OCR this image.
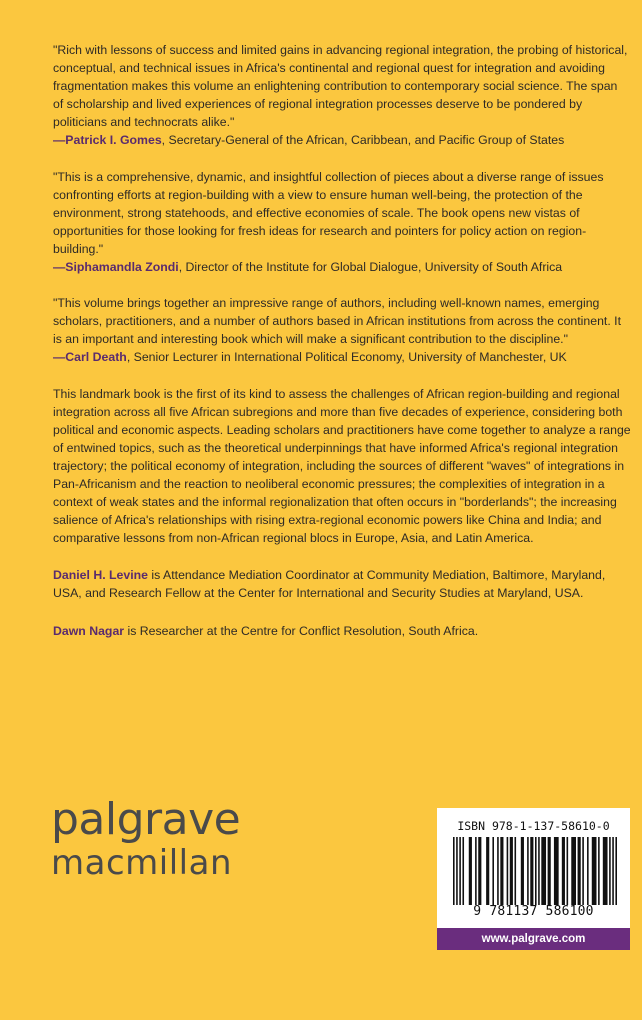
"Rich with lessons of success and limited gains in advancing regional integration, the probing of historical, conceptual, and technical issues in Africa's continental and regional quest for integration and avoiding fragmentation makes this volume an enlightening contribution to contemporary social science. The span of scholarship and lived experiences of regional integration processes deserve to be pondered by politicians and technocrats alike."
—Patrick I. Gomes, Secretary-General of the African, Caribbean, and Pacific Group of States
"This is a comprehensive, dynamic, and insightful collection of pieces about a diverse range of issues confronting efforts at region-building with a view to ensure human well-being, the protection of the environment, strong statehoods, and effective economies of scale. The book opens new vistas of opportunities for those looking for fresh ideas for research and pointers for policy action on region-building."
—Siphamandla Zondi, Director of the Institute for Global Dialogue, University of South Africa
"This volume brings together an impressive range of authors, including well-known names, emerging scholars, practitioners, and a number of authors based in African institutions from across the continent. It is an important and interesting book which will make a significant contribution to the discipline."
—Carl Death, Senior Lecturer in International Political Economy, University of Manchester, UK

This landmark book is the first of its kind to assess the challenges of African region-building and regional integration across all five African subregions and more than five decades of experience, considering both political and economic aspects. Leading scholars and practitioners have come together to analyze a range of entwined topics, such as the theoretical underpinnings that have informed Africa's regional integration trajectory; the political economy of integration, including the sources of different "waves" of integrations in Pan-Africanism and the reaction to neoliberal economic pressures; the complexities of integration in a context of weak states and the informal regionalization that often occurs in "borderlands"; the increasing salience of Africa's relationships with rising extra-regional economic powers like China and India; and comparative lessons from non-African regional blocs in Europe, Asia, and Latin America.

Daniel H. Levine is Attendance Mediation Coordinator at Community Mediation, Baltimore, Maryland, USA, and Research Fellow at the Center for International and Security Studies at Maryland, USA.

Dawn Nagar is Researcher at the Centre for Conflict Resolution, South Africa.

palgrave
macmillan
ISBN 978-1-137-58610-0
9 781137 586100
www.palgrave.com
